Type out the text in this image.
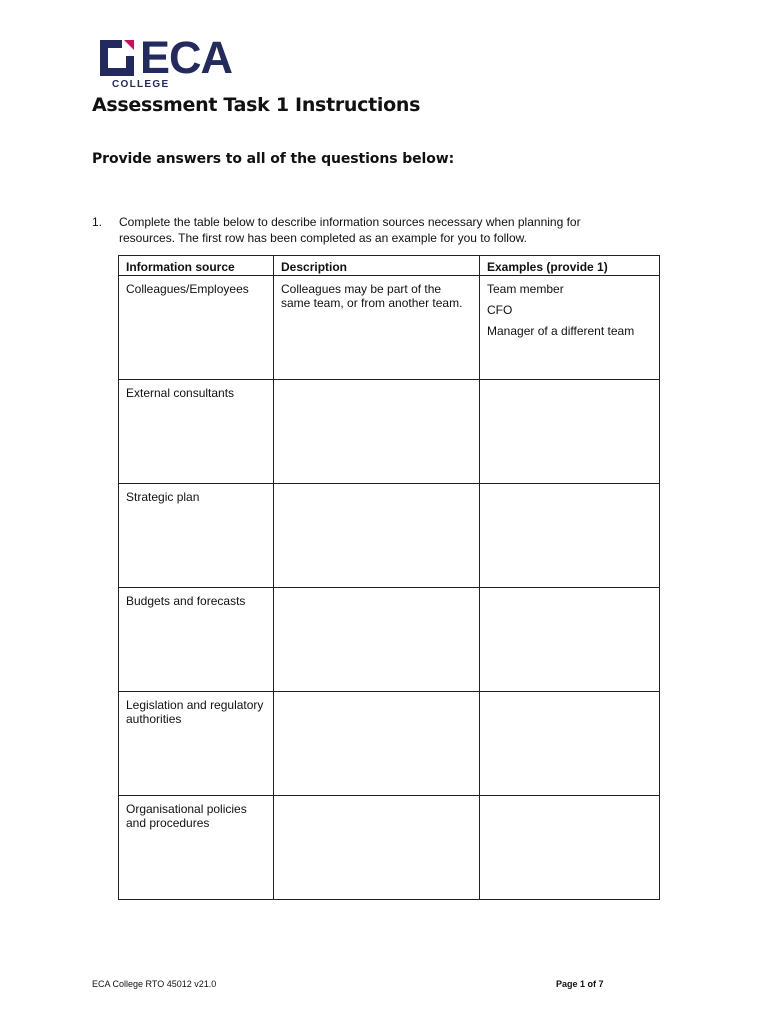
ECA
COLLEGE
Assessment Task 1 Instructions
Provide answers to all of the questions below:
1. Complete the table below to describe information sources necessary when planning for resources. The first row has been completed as an example for you to follow.
Information source	Description	Examples (provide 1)
Colleagues/Employees	Colleagues may be part of the same team, or from another team.	Team member
CFO
Manager of a different team

External consultants		
Strategic plan		
Budgets and forecasts		
Legislation and regulatory authorities		
Organisational policies and procedures		
ECA College RTO 45012 v21.0	Page 1 of 7
